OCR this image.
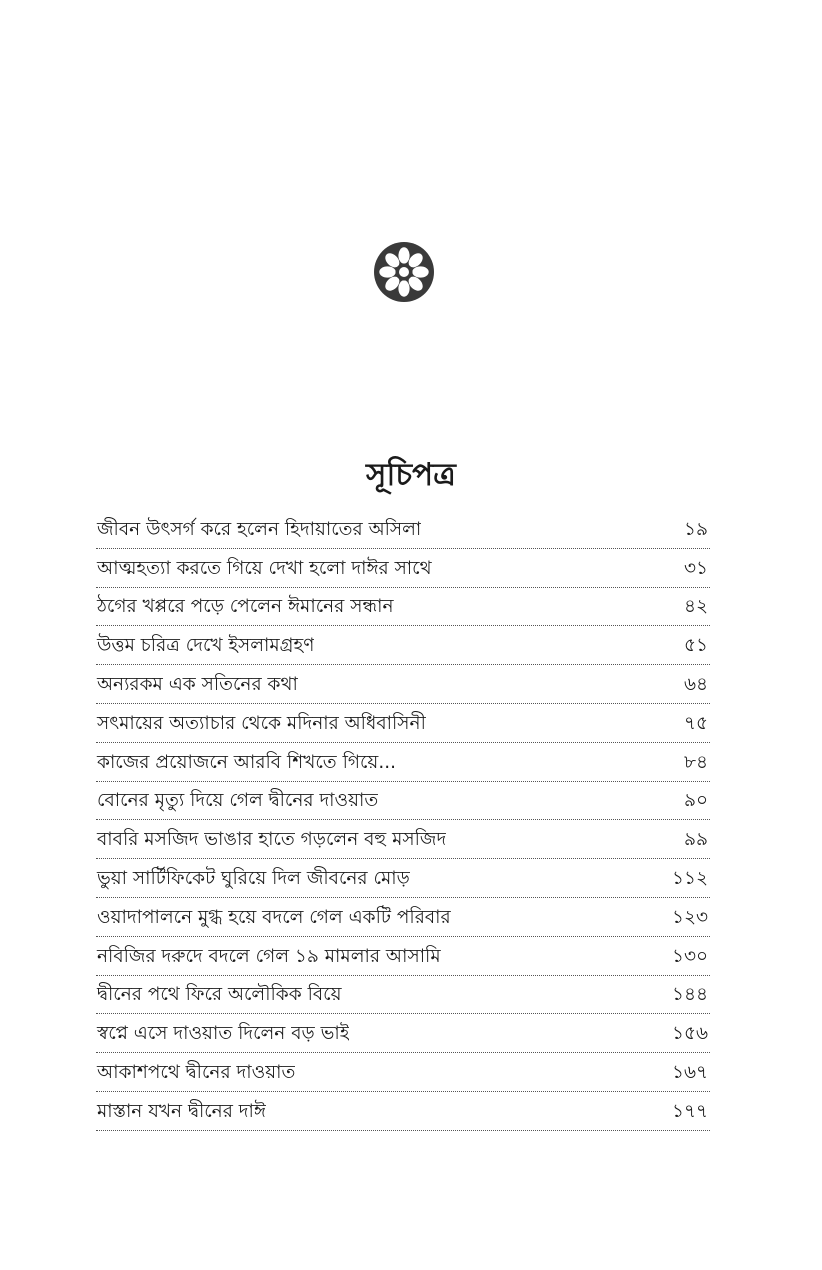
সূচিপত্র
জীবন উৎসর্গ করে হলেন হিদায়াতের অসিলা	১৯
আত্মহত্যা করতে গিয়ে দেখা হলো দাঈর সাথে	৩১
ঠগের খপ্পরে পড়ে পেলেন ঈমানের সন্ধান	৪২
উত্তম চরিত্র দেখে ইসলামগ্রহণ	৫১
অন্যরকম এক সতিনের কথা	৬৪
সৎমায়ের অত্যাচার থেকে মদিনার অধিবাসিনী	৭৫
কাজের প্রয়োজনে আরবি শিখতে গিয়ে...	৮৪
বোনের মৃত্যু দিয়ে গেল দ্বীনের দাওয়াত	৯০
বাবরি মসজিদ ভাঙার হাতে গড়লেন বহু মসজিদ	৯৯
ভুয়া সার্টিফিকেট ঘুরিয়ে দিল জীবনের মোড়	১১২
ওয়াদাপালনে মুগ্ধ হয়ে বদলে গেল একটি পরিবার	১২৩
নবিজির দরুদে বদলে গেল ১৯ মামলার আসামি	১৩০
দ্বীনের পথে ফিরে অলৌকিক বিয়ে	১৪৪
স্বপ্নে এসে দাওয়াত দিলেন বড় ভাই	১৫৬
আকাশপথে দ্বীনের দাওয়াত	১৬৭
মাস্তান যখন দ্বীনের দাঈ	১৭৭
